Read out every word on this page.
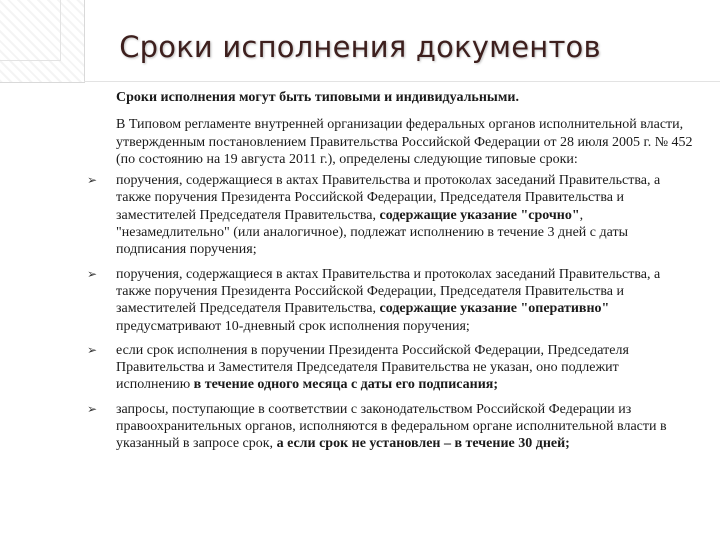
Сроки исполнения документов

Сроки исполнения могут быть типовыми и индивидуальными.

В Типовом регламенте внутренней организации федеральных органов исполнительной власти, утвержденным постановлением Правительства Российской Федерации от 28 июля 2005 г. № 452 (по состоянию на 19 августа 2011 г.), определены следующие типовые сроки:

➢ поручения, содержащиеся в актах Правительства и протоколах заседаний Правительства, а также поручения Президента Российской Федерации, Председателя Правительства и заместителей Председателя Правительства, содержащие указание "срочно", "незамедлительно" (или аналогичное), подлежат исполнению в течение 3 дней с даты подписания поручения;
➢ поручения, содержащиеся в актах Правительства и протоколах заседаний Правительства, а также поручения Президента Российской Федерации, Председателя Правительства и заместителей Председателя Правительства, содержащие указание "оперативно" предусматривают 10-дневный срок исполнения поручения;
➢ если срок исполнения в поручении Президента Российской Федерации, Председателя Правительства и Заместителя Председателя Правительства не указан, оно подлежит исполнению в течение одного месяца с даты его подписания;
➢ запросы, поступающие в соответствии с законодательством Российской Федерации из правоохранительных органов, исполняются в федеральном органе исполнительной власти в указанный в запросе срок, а если срок не установлен – в течение 30 дней;
